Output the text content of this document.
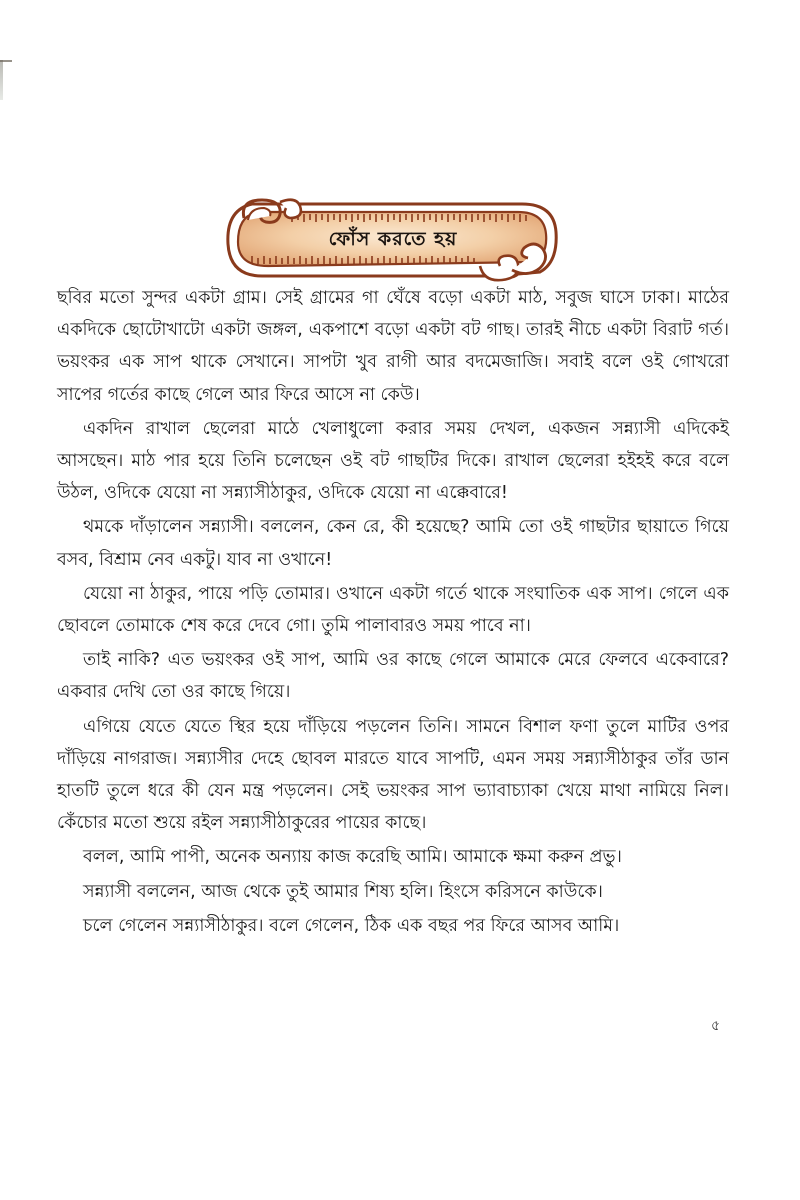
ফোঁস করতে হয়

ছবির মতো সুন্দর একটা গ্রাম। সেই গ্রামের গা ঘেঁষে বড়ো একটা মাঠ, সবুজ ঘাসে ঢাকা। মাঠের একদিকে ছোটোখাটো একটা জঙ্গল, একপাশে বড়ো একটা বট গাছ। তারই নীচে একটা বিরাট গর্ত। ভয়ংকর এক সাপ থাকে সেখানে। সাপটা খুব রাগী আর বদমেজাজি। সবাই বলে ওই গোখরো সাপের গর্তের কাছে গেলে আর ফিরে আসে না কেউ।

একদিন রাখাল ছেলেরা মাঠে খেলাধুলো করার সময় দেখল, একজন সন্ন্যাসী এদিকেই আসছেন। মাঠ পার হয়ে তিনি চলেছেন ওই বট গাছটির দিকে। রাখাল ছেলেরা হইহই করে বলে উঠল, ওদিকে যেয়ো না সন্ন্যাসীঠাকুর, ওদিকে যেয়ো না এক্কেবারে!

থমকে দাঁড়ালেন সন্ন্যাসী। বললেন, কেন রে, কী হয়েছে? আমি তো ওই গাছটার ছায়াতে গিয়ে বসব, বিশ্রাম নেব একটু। যাব না ওখানে!

যেয়ো না ঠাকুর, পায়ে পড়ি তোমার। ওখানে একটা গর্তে থাকে সংঘাতিক এক সাপ। গেলে এক ছোবলে তোমাকে শেষ করে দেবে গো। তুমি পালাবারও সময় পাবে না।

তাই নাকি? এত ভয়ংকর ওই সাপ, আমি ওর কাছে গেলে আমাকে মেরে ফেলবে একেবারে? একবার দেখি তো ওর কাছে গিয়ে।

এগিয়ে যেতে যেতে স্থির হয়ে দাঁড়িয়ে পড়লেন তিনি। সামনে বিশাল ফণা তুলে মাটির ওপর দাঁড়িয়ে নাগরাজ। সন্ন্যাসীর দেহে ছোবল মারতে যাবে সাপটি, এমন সময় সন্ন্যাসীঠাকুর তাঁর ডান হাতটি তুলে ধরে কী যেন মন্ত্র পড়লেন। সেই ভয়ংকর সাপ ভ্যাবাচ্যাকা খেয়ে মাথা নামিয়ে নিল। কেঁচোর মতো শুয়ে রইল সন্ন্যাসীঠাকুরের পায়ের কাছে।

বলল, আমি পাপী, অনেক অন্যায় কাজ করেছি আমি। আমাকে ক্ষমা করুন প্রভু।

সন্ন্যাসী বললেন, আজ থেকে তুই আমার শিষ্য হলি। হিংসে করিসনে কাউকে।

চলে গেলেন সন্ন্যাসীঠাকুর। বলে গেলেন, ঠিক এক বছর পর ফিরে আসব আমি।

৫
